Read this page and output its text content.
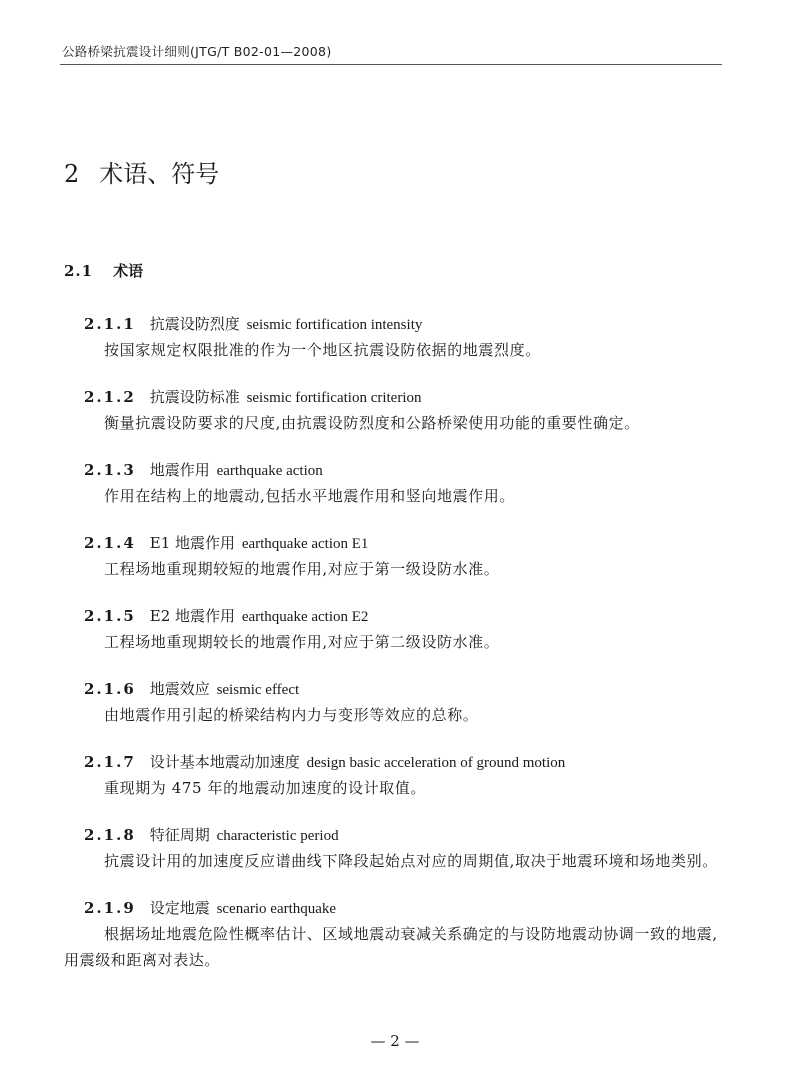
公路桥梁抗震设计细则(JTG/T B02-01—2008)
2 术语、符号
2.1 术语
2.1.1 抗震设防烈度 seismic fortification intensity
按国家规定权限批准的作为一个地区抗震设防依据的地震烈度。
2.1.2 抗震设防标准 seismic fortification criterion
衡量抗震设防要求的尺度,由抗震设防烈度和公路桥梁使用功能的重要性确定。
2.1.3 地震作用 earthquake action
作用在结构上的地震动,包括水平地震作用和竖向地震作用。
2.1.4 E1 地震作用 earthquake action E1
工程场地重现期较短的地震作用,对应于第一级设防水准。
2.1.5 E2 地震作用 earthquake action E2
工程场地重现期较长的地震作用,对应于第二级设防水准。
2.1.6 地震效应 seismic effect
由地震作用引起的桥梁结构内力与变形等效应的总称。
2.1.7 设计基本地震动加速度 design basic acceleration of ground motion
重现期为 475 年的地震动加速度的设计取值。
2.1.8 特征周期 characteristic period
抗震设计用的加速度反应谱曲线下降段起始点对应的周期值,取决于地震环境和场地类别。
2.1.9 设定地震 scenario earthquake
根据场址地震危险性概率估计、区域地震动衰减关系确定的与设防地震动协调一致的地震,用震级和距离对表达。
— 2 —
